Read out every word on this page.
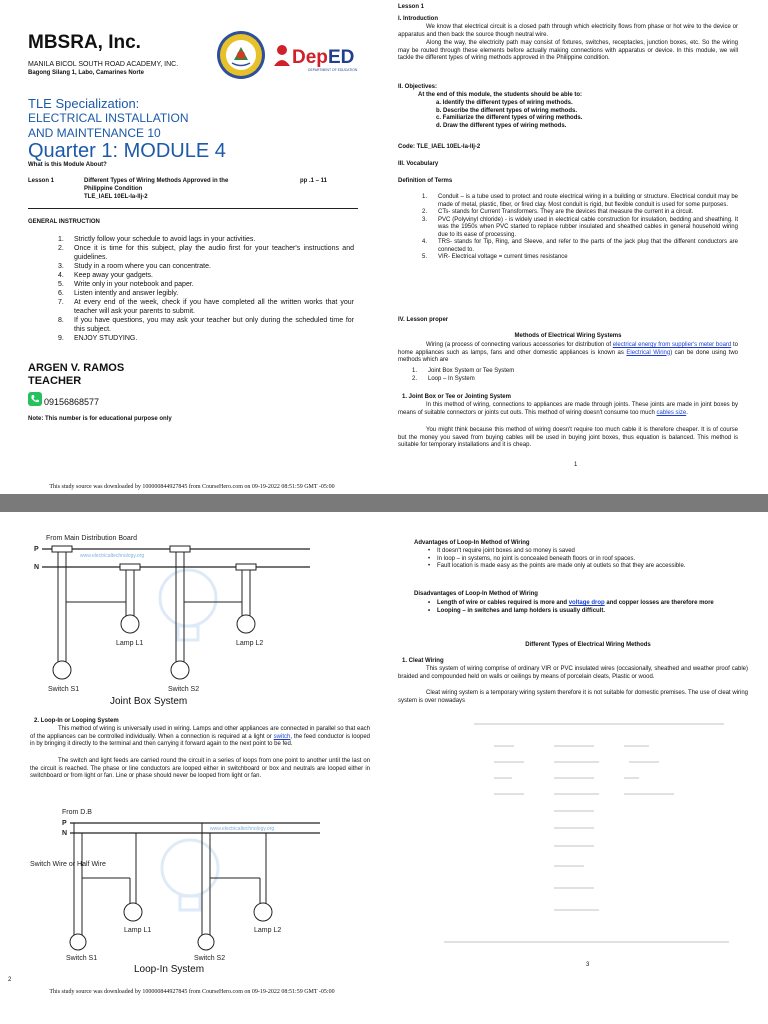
MBSRA, Inc.
MANILA BICOL SOUTH ROAD ACADEMY, INC.
Bagong Silang 1, Labo, Camarines Norte
Dep ED
DEPARTMENT OF EDUCATION
TLE Specialization:
ELECTRICAL INSTALLATION
AND MAINTENANCE 10
Quarter 1: MODULE 4
What is this Module About?
Lesson 1	Different Types of Wiring Methods Approved in the Philippine Condition
TLE_IAEL 10EL-Ia-IIj-2
pp .1 – 11
GENERAL INSTRUCTION
1.	Strictly follow your schedule to avoid lags in your activities.
2.	Once it is time for this subject, play the audio first for your teacher's instructions and guidelines.
3.	Study in a room where you can concentrate.
4.	Keep away your gadgets.
5.	Write only in your notebook and paper.
6.	Listen intently and answer legibly.
7.	At every end of the week, check if you have completed all the written works that your teacher will ask your parents to submit.
8.	If you have questions, you may ask your teacher but only during the scheduled time for this subject.
9.	ENJOY STUDYING.
ARGEN V. RAMOS
TEACHER
09156868577
Note: This number is for educational purpose only
Lesson 1
I. Introduction

We know that electrical circuit is a closed path through which electricity flows from phase or hot wire to the device or apparatus and then back the source though neutral wire.

Along the way, the electricity path may consist of fixtures, switches, receptacles, junction boxes, etc. So the wiring may be routed through these elements before actually making connections with apparatus or device. In this module, we will tackle the different types of wiring methods approved in the Philippine condition.

II. Objectives:
At the end of this module, the students should be able to:
a. Identify the different types of wiring methods.
b. Describe the different types of wiring methods.
c. Familiarize the different types of wiring methods.
d. Draw the different types of wiring methods.
Code: TLE_IAEL 10EL-Ia-IIj-2
III. Vocabulary
Definition of Terms
1.	Conduit – is a tube used to protect and route electrical wiring in a building or structure. Electrical conduit may be made of metal, plastic, fiber, or fired clay. Most conduit is rigid, but flexible conduit is used for some purposes.
2.	CTs- stands for Current Transformers. They are the devices that measure the current in a circuit.
3.	PVC (Polyvinyl chloride) - is widely used in electrical cable construction for insulation, bedding and sheathing. It was the 1950s when PVC started to replace rubber insulated and sheathed cables in general household wiring due to its ease of processing.
4.	TRS- stands for Tip, Ring, and Sleeve, and refer to the parts of the jack plug that the different conductors are connected to.
5.	VIR- Electrical voltage = current times resistance
IV. Lesson proper
Methods of Electrical Wiring Systems

Wiring (a process of connecting various accessories for distribution of electrical energy from supplier's meter board to home appliances such as lamps, fans and other domestic appliances is known as Electrical Wiring) can be done using two methods which are

1.	Joint Box System or Tee System
2.	Loop – In System
1. Joint Box or Tee or Jointing System

In this method of wiring, connections to appliances are made through joints. These joints are made in joint boxes by means of suitable connectors or joints cut outs. This method of wiring doesn't consume too much cables size.

You might think because this method of wiring doesn't require too much cable it is therefore cheaper. It is of course but the money you saved from buying cables will be used in buying joint boxes, thus equation is balanced. This method is suitable for temporary installations and it is cheap.

1
This study source was downloaded by 100000844927845 from CourseHero.com on 09-19-2022 08:51:59 GMT -05:00
From Main Distribution Board
P
N
www.electricaltechnology.org
Lamp L1	Lamp L2
Switch S1	Switch S2
Joint Box System
2. Loop-In or Looping System

This method of wiring is universally used in wiring. Lamps and other appliances are connected in parallel so that each of the appliances can be controlled individually. When a connection is required at a light or switch, the feed conductor is looped in by bringing it directly to the terminal and then carrying it forward again to the next point to be fed.

The switch and light feeds are carried round the circuit in a series of loops from one point to another until the last on the circuit is reached. The phase or line conductors are looped either in switchboard or box and neutrals are looped either in switchboard or from light or fan. Line or phase should never be looped from light or fan.

From D.B
P
N
www.electricaltechnology.org
Switch Wire or Half Wire
Lamp L1	Lamp L2
Switch S1	Switch S2
Loop-In System
2
Advantages of Loop-In Method of Wiring
• It doesn't require joint boxes and so money is saved
• In loop – in systems, no joint is concealed beneath floors or in roof spaces.
• Fault location is made easy as the points are made only at outlets so that they are accessible.
Disadvantages of Loop-In Method of Wiring
• Length of wire or cables required is more and voltage drop and copper losses are therefore more
• Looping – in switches and lamp holders is usually difficult.
Different Types of Electrical Wiring Methods
1. Cleat Wiring

This system of wiring comprise of ordinary VIR or PVC insulated wires (occasionally, sheathed and weather proof cable) braided and compounded held on walls or ceilings by means of porcelain cleats, Plastic or wood.

Cleat wiring system is a temporary wiring system therefore it is not suitable for domestic premises. The use of cleat wiring system is over nowadays

3
This study source was downloaded by 100000844927845 from CourseHero.com on 09-19-2022 08:51:59 GMT -05:00
